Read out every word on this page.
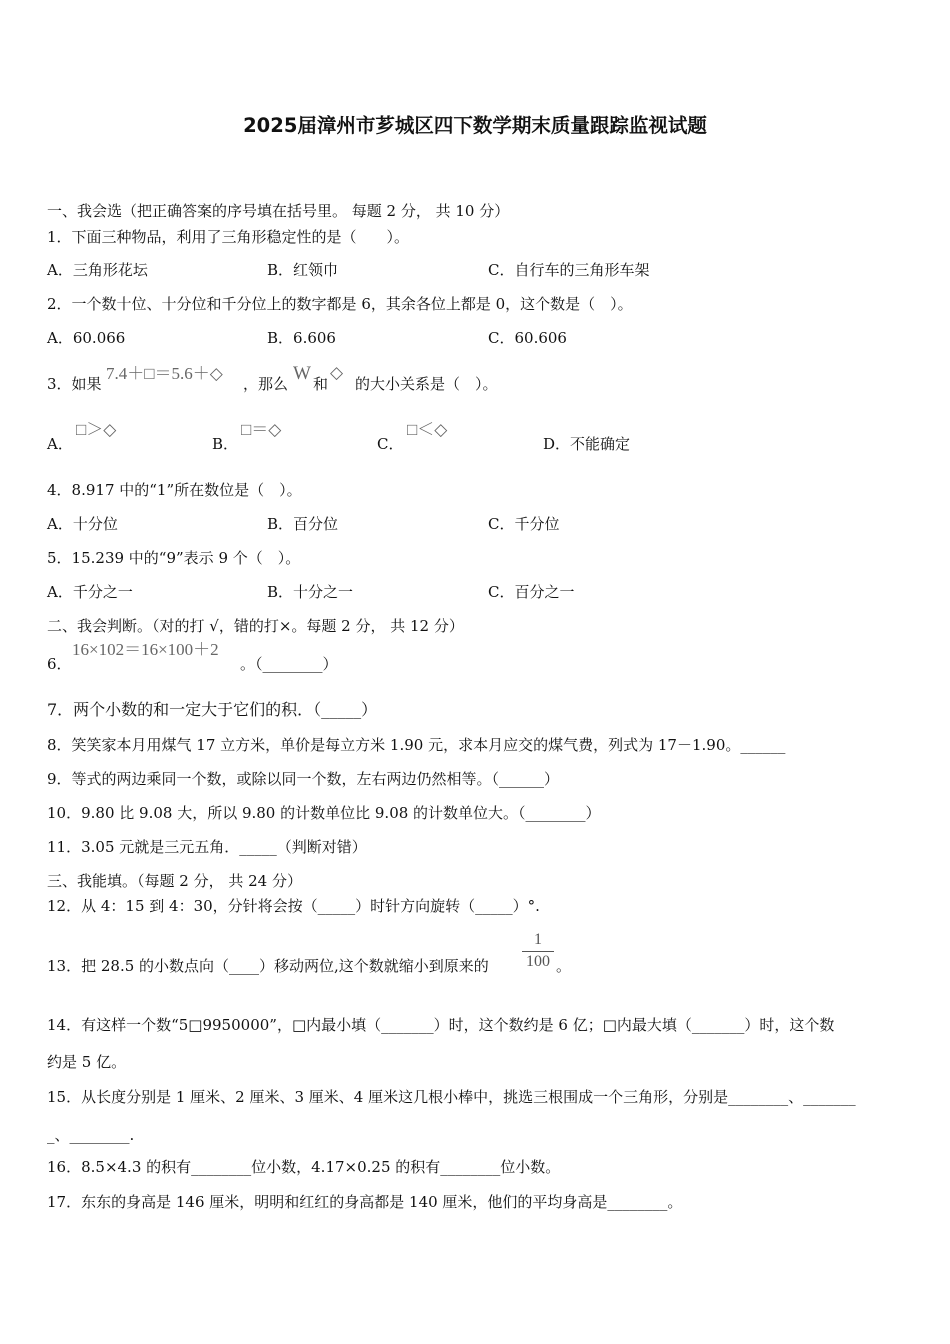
2025届漳州市芗城区四下数学期末质量跟踪监视试题
一、我会选（把正确答案的序号填在括号里。 每题 2 分， 共 10 分）
1．下面三种物品，利用了三角形稳定性的是（　　）。
A．三角形花坛	B．红领巾	C．自行车的三角形车架
2．一个数十位、十分位和千分位上的数字都是 6，其余各位上都是 0，这个数是（　）。
A．60.066	B．6.606	C．60.606
3．如果
7.4＋□＝5.6＋◇
，那么 W 和
◇
的大小关系是（　）。
A．
□＞◇
B．
□＝◇
C．
□＜◇
D．不能确定
4．8.917 中的“1”所在数位是（　）。
A．十分位	B．百分位	C．千分位
5．15.239 中的“9”表示 9 个（　）。
A．千分之一	B．十分之一	C．百分之一
二、我会判断。（对的打 √，错的打×。每题 2 分， 共 12 分）
6．
16×102＝16×100＋2
。（________）
7．两个小数的和一定大于它们的积．（_____）
8．笑笑家本月用煤气 17 立方米，单价是每立方米 1.90 元，求本月应交的煤气费，列式为 17－1.90。______
9．等式的两边乘同一个数，或除以同一个数，左右两边仍然相等。（______）
10．9.80 比 9.08 大，所以 9.80 的计数单位比 9.08 的计数单位大。（________）
11．3.05 元就是三元五角．_____（判断对错）
三、我能填。（每题 2 分， 共 24 分）
12．从 4：15 到 4：30，分针将会按（_____）时针方向旋转（_____）°.
13．把 28.5 的小数点向（____）移动两位,这个数就缩小到原来的
1
100 。
14．有这样一个数“5□9950000”，□内最小填（_______）时，这个数约是 6 亿；□内最大填（_______）时，这个数
约是 5 亿。
15．从长度分别是 1 厘米、2 厘米、3 厘米、4 厘米这几根小棒中，挑选三根围成一个三角形，分别是________、_______
_、________.
16．8.5×4.3 的积有________位小数，4.17×0.25 的积有________位小数。
17．东东的身高是 146 厘米，明明和红红的身高都是 140 厘米，他们的平均身高是________。
